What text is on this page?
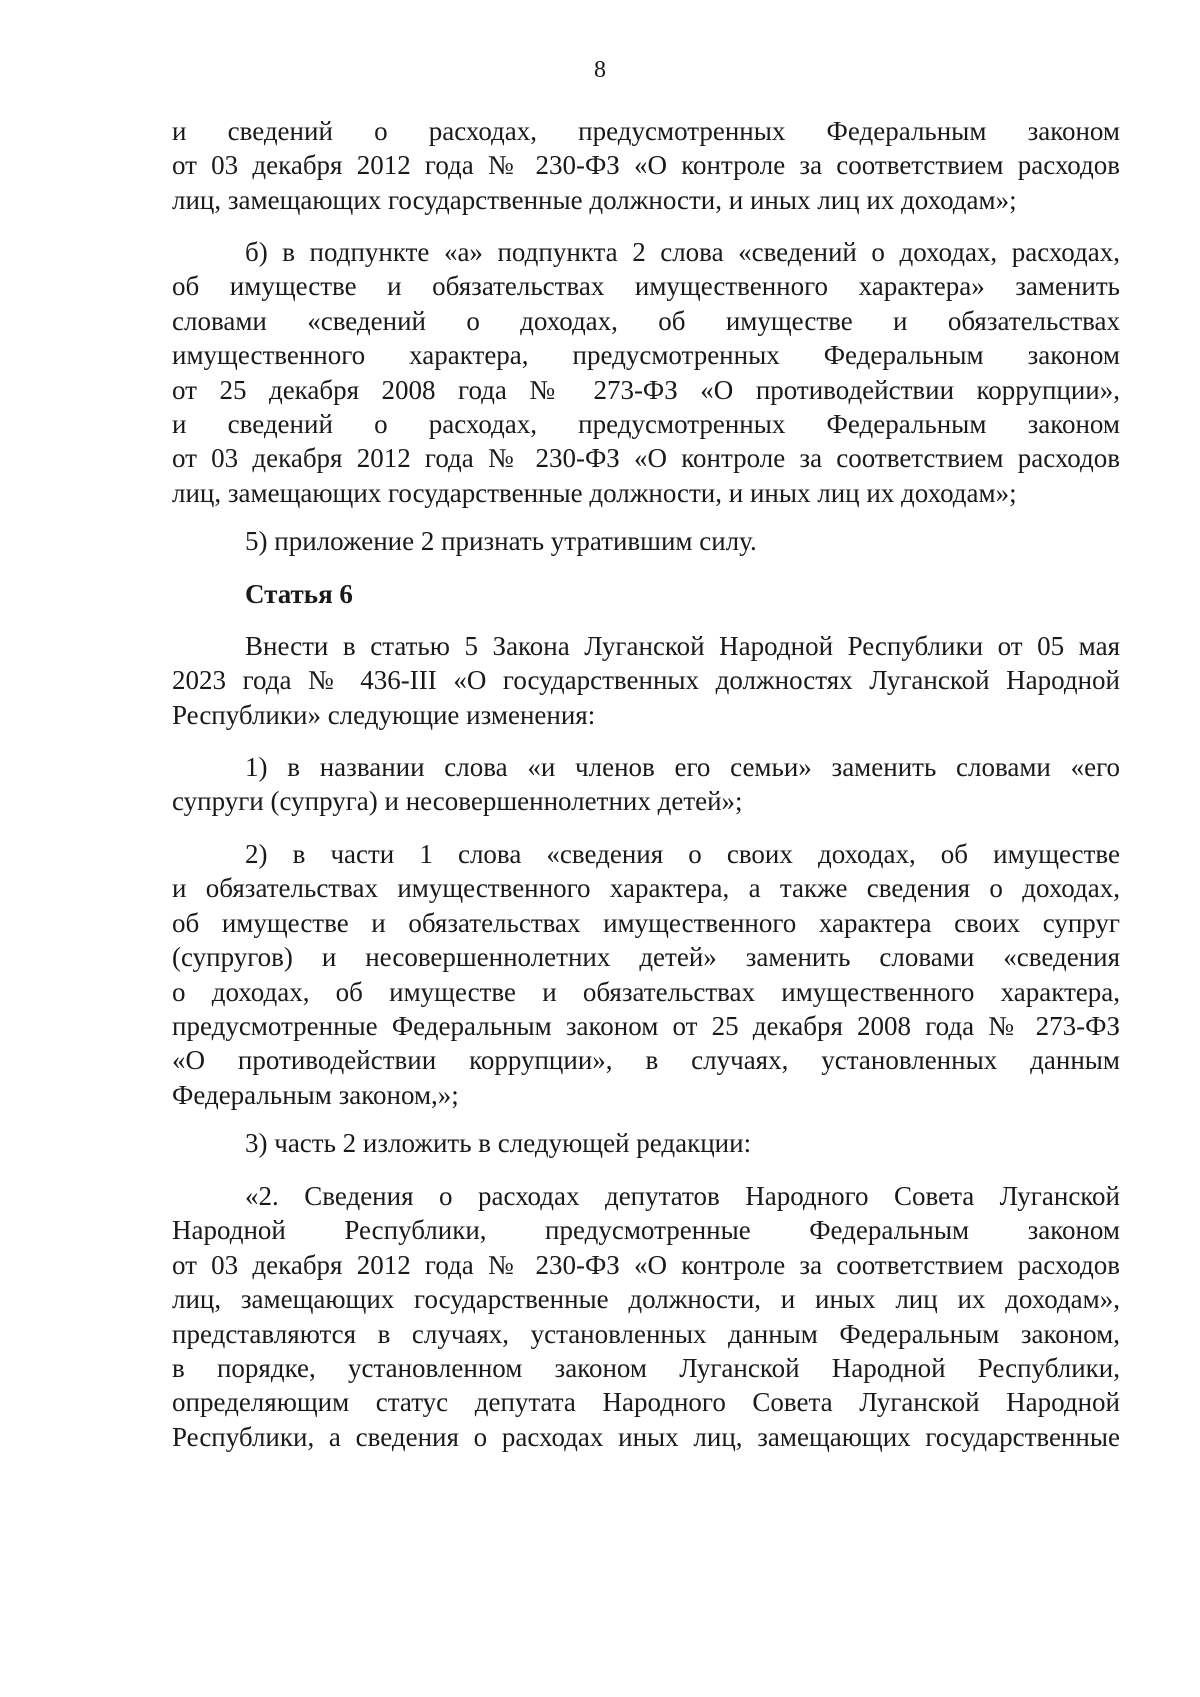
8
и сведений о расходах, предусмотренных Федеральным законом
от 03 декабря 2012 года № 230-ФЗ «О контроле за соответствием расходов
лиц, замещающих государственные должности, и иных лиц их доходам»;
б) в подпункте «а» подпункта 2 слова «сведений о доходах, расходах,
об имуществе и обязательствах имущественного характера» заменить
словами «сведений о доходах, об имуществе и обязательствах
имущественного характера, предусмотренных Федеральным законом
от 25 декабря 2008 года № 273-ФЗ «О противодействии коррупции»,
и сведений о расходах, предусмотренных Федеральным законом
от 03 декабря 2012 года № 230-ФЗ «О контроле за соответствием расходов
лиц, замещающих государственные должности, и иных лиц их доходам»;
5) приложение 2 признать утратившим силу.
Статья 6
Внести в статью 5 Закона Луганской Народной Республики от 05 мая
2023 года № 436-III «О государственных должностях Луганской Народной
Республики» следующие изменения:
1) в названии слова «и членов его семьи» заменить словами «его
супруги (супруга) и несовершеннолетних детей»;
2) в части 1 слова «сведения о своих доходах, об имуществе
и обязательствах имущественного характера, а также сведения о доходах,
об имуществе и обязательствах имущественного характера своих супруг
(супругов) и несовершеннолетних детей» заменить словами «сведения
о доходах, об имуществе и обязательствах имущественного характера,
предусмотренные Федеральным законом от 25 декабря 2008 года № 273-ФЗ
«О противодействии коррупции», в случаях, установленных данным
Федеральным законом,»;
3) часть 2 изложить в следующей редакции:
«2. Сведения о расходах депутатов Народного Совета Луганской
Народной Республики, предусмотренные Федеральным законом
от 03 декабря 2012 года № 230-ФЗ «О контроле за соответствием расходов
лиц, замещающих государственные должности, и иных лиц их доходам»,
представляются в случаях, установленных данным Федеральным законом,
в порядке, установленном законом Луганской Народной Республики,
определяющим статус депутата Народного Совета Луганской Народной
Республики, а сведения о расходах иных лиц, замещающих государственные
